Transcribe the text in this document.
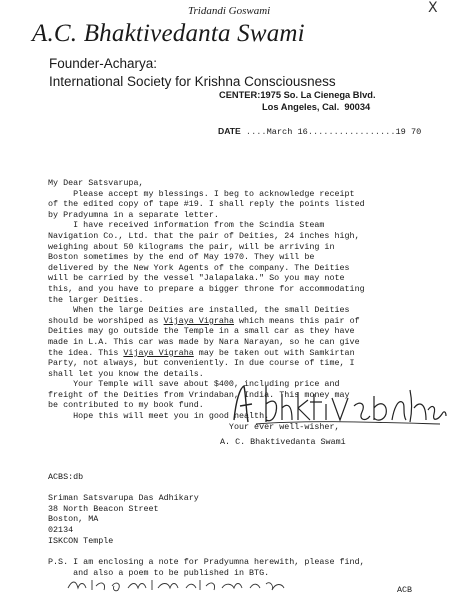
X
Tridandi Goswami
A.C. Bhaktivedanta Swami
Founder-Acharya:
International Society for Krishna Consciousness
CENTER:1975 So. La Cienega Blvd.
Los Angeles, Cal.  90034
DATE ....March 16.................19 70
My Dear Satsvarupa,
Please accept my blessings. I beg to acknowledge receipt
of the edited copy of tape #19. I shall reply the points listed
by Pradyumna in a separate letter.
I have received information from the Scindia Steam
Navigation Co., Ltd. that the pair of Deities, 24 inches high,
weighing about 50 kilograms the pair, will be arriving in
Boston sometimes by the end of May 1970. They will be
delivered by the New York Agents of the company. The Deities
will be carried by the vessel "Jalapalaka." So you may note
this, and you have to prepare a bigger throne for accommodating
the larger Deities.
When the large Deities are installed, the small Deities
should be worshiped as Vijaya Vigraha which means this pair of
Deities may go outside the Temple in a small car as they have
made in L.A. This car was made by Nara Narayan, so he can give
the idea. This Vijaya Vigraha may be taken out with Samkirtan
Party, not always, but conveniently. In due course of time, I
shall let you know the details.
Your Temple will save about $400, including price and
freight of the Deities from Vrindaban, India. This money may
be contributed to my book fund.
Hope this will meet you in good health.
Your ever well-wisher,
A. C. Bhaktivedanta Swami
ACBS:db

Sriman Satsvarupa Das Adhikary
38 North Beacon Street
Boston, MA
02134
ISKCON Temple
P.S. I am enclosing a note for Pradyumna herewith, please find,
and also a poem to be published in BTG.
ACB
